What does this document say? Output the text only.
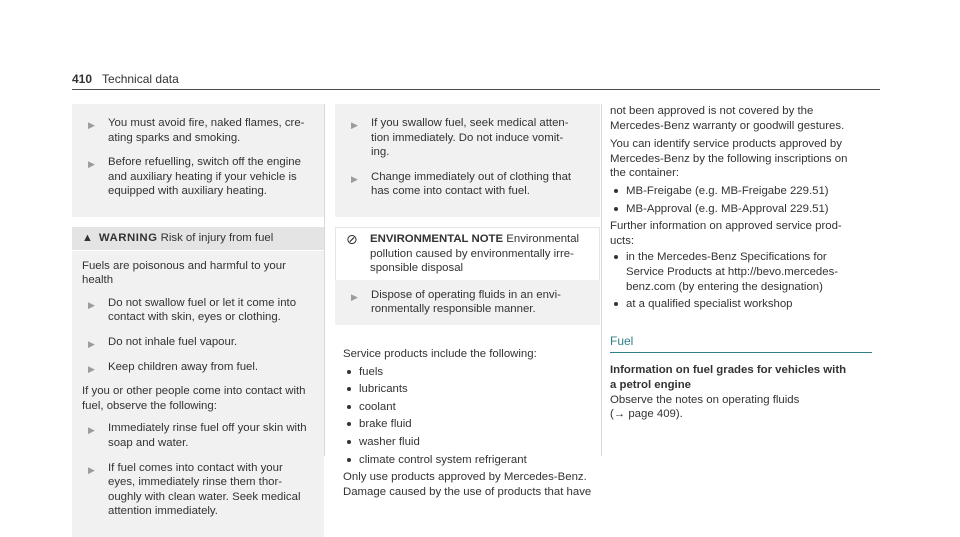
410 Technical data
▶ You must avoid fire, naked flames, cre-
ating sparks and smoking.
▶ Before refuelling, switch off the engine
and auxiliary heating if your vehicle is
equipped with auxiliary heating.
▲ WARNING Risk of injury from fuel
Fuels are poisonous and harmful to your
health
▶ Do not swallow fuel or let it come into
contact with skin, eyes or clothing.
▶ Do not inhale fuel vapour.
▶ Keep children away from fuel.
If you or other people come into contact with
fuel, observe the following:
▶ Immediately rinse fuel off your skin with
soap and water.
▶ If fuel comes into contact with your
eyes, immediately rinse them thor-
oughly with clean water. Seek medical
attention immediately.
▶ If you swallow fuel, seek medical atten-
tion immediately. Do not induce vomit-
ing.
▶ Change immediately out of clothing that
has come into contact with fuel.
⊘ ENVIRONMENTAL NOTE Environmental
pollution caused by environmentally irre-
sponsible disposal
▶ Dispose of operating fluids in an envi-
ronmentally responsible manner.
Service products include the following:
fuels
lubricants
coolant
brake fluid
washer fluid
climate control system refrigerant
Only use products approved by Mercedes-Benz.
Damage caused by the use of products that have
not been approved is not covered by the
Mercedes-Benz warranty or goodwill gestures.
You can identify service products approved by
Mercedes-Benz by the following inscriptions on
the container:
MB-Freigabe (e.g. MB-Freigabe 229.51)
MB-Approval (e.g. MB-Approval 229.51)
Further information on approved service prod-
ucts:
in the Mercedes-Benz Specifications for
Service Products at http://bevo.mercedes-
benz.com (by entering the designation)
at a qualified specialist workshop
Fuel
Information on fuel grades for vehicles with
a petrol engine
Observe the notes on operating fluids
(→ page 409).
